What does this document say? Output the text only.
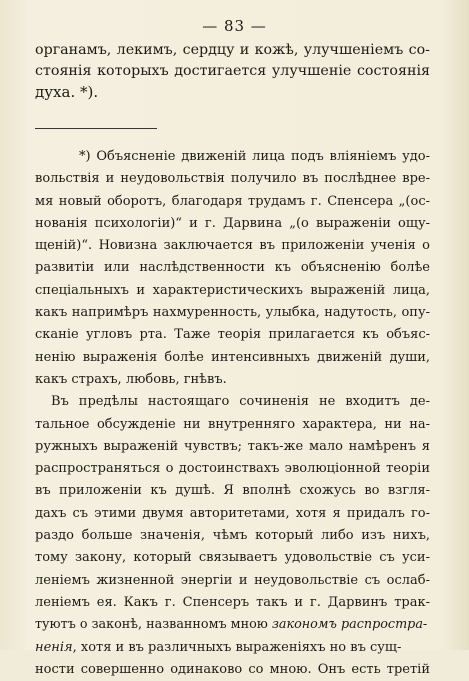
— 83 —
органамъ, лекимъ, сердцу и кожѣ, улучшеніемъ со-
стоянія которыхъ достигается улучшеніе состоянія
духа. *).
*) Объясненіе движеній лица подъ вліяніемъ удо-
вольствія и неудовольствія получило въ послѣднее вре-
мя новый оборотъ, благодаря трудамъ г. Спенсера „(ос-
нованія психологіи)“ и г. Дарвина „(о выраженіи ощу-
щеній)“. Новизна заключается въ приложеніи ученія о
развитіи или наслѣдственности къ объясненію болѣе
спеціальныхъ и характеристическихъ выраженій лица,
какъ напримѣръ нахмуренность, улыбка, надутость, опу-
сканіе угловъ рта. Таже теорія прилагается къ объяс-
ненію выраженія болѣе интенсивныхъ движеній души,
какъ страхъ, любовь, гнѣвъ.
Въ предѣлы настоящаго сочиненія не входитъ де-
тальное обсужденіе ни внутренняго характера, ни на-
ружныхъ выраженій чувствъ; такъ-же мало намѣренъ я
распространяться о достоинствахъ эволюціонной теоріи
въ приложеніи къ душѣ. Я вполнѣ схожусь во взгля-
дахъ съ этими двумя авторитетами, хотя я придалъ го-
раздо больше значенія, чѣмъ который либо изъ нихъ,
тому закону, который связываетъ удовольствіе съ уси-
леніемъ жизненной энергіи и неудовольствіе съ ослаб-
леніемъ ея. Какъ г. Спенсеръ такъ и г. Дарвинъ трак-
туютъ о законѣ, названномъ мною закономъ распростра-
ненія, хотя и въ различныхъ выраженіяхъ но въ сущ-
ности совершенно одинаково со мною. Онъ есть третій
